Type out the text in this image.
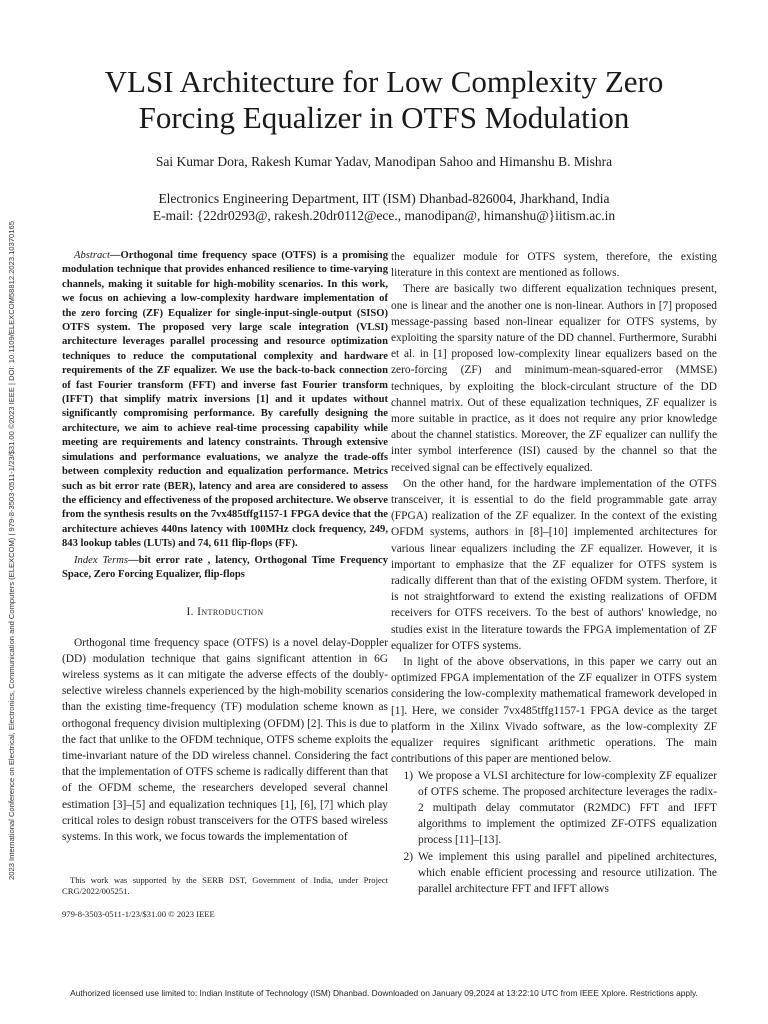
2023 International Conference on Electrical, Electronics, Communication and Computers (ELEXCOM) | 979-8-3503-0511-1/23/$31.00 ©2023 IEEE | DOI: 10.1109/ELEXCOM58812.2023.10370165
VLSI Architecture for Low Complexity Zero Forcing Equalizer in OTFS Modulation

Sai Kumar Dora, Rakesh Kumar Yadav, Manodipan Sahoo and Himanshu B. Mishra

Electronics Engineering Department, IIT (ISM) Dhanbad-826004, Jharkhand, India
E-mail: {22dr0293@, rakesh.20dr0112@ece., manodipan@, himanshu@}iitism.ac.in

Abstract—Orthogonal time frequency space (OTFS) is a promising modulation technique that provides enhanced resilience to time-varying channels, making it suitable for high-mobility scenarios. In this work, we focus on achieving a low-complexity hardware implementation of the zero forcing (ZF) Equalizer for single-input-single-output (SISO) OTFS system. The proposed very large scale integration (VLSI) architecture leverages parallel processing and resource optimization techniques to reduce the computational complexity and hardware requirements of the ZF equalizer. We use the back-to-back connection of fast Fourier transform (FFT) and inverse fast Fourier transform (IFFT) that simplify matrix inversions [1] and it updates without significantly compromising performance. By carefully designing the architecture, we aim to achieve real-time processing capability while meeting are requirements and latency constraints. Through extensive simulations and performance evaluations, we analyze the trade-offs between complexity reduction and equalization performance. Metrics such as bit error rate (BER), latency and area are considered to assess the efficiency and effectiveness of the proposed architecture. We observe from the synthesis results on the 7vx485tffg1157-1 FPGA device that the architecture achieves 440ns latency with 100MHz clock frequency, 249, 843 lookup tables (LUTs) and 74, 611 flip-flops (FF).

Index Terms—bit error rate , latency, Orthogonal Time Frequency Space, Zero Forcing Equalizer, flip-flops

I. Introduction

Orthogonal time frequency space (OTFS) is a novel delay-Doppler (DD) modulation technique that gains significant attention in 6G wireless systems as it can mitigate the adverse effects of the doubly-selective wireless channels experienced by the high-mobility scenarios than the existing time-frequency (TF) modulation scheme known as orthogonal frequency division multiplexing (OFDM) [2]. This is due to the fact that unlike to the OFDM technique, OTFS scheme exploits the time-invariant nature of the DD wireless channel. Considering the fact that the implementation of OTFS scheme is radically different than that of the OFDM scheme, the researchers developed several channel estimation [3]–[5] and equalization techniques [1], [6], [7] which play critical roles to design robust transceivers for the OTFS based wireless systems. In this work, we focus towards the implementation of

This work was supported by the SERB DST, Government of India, under Project CRG/2022/005251.

979-8-3503-0511-1/23/$31.00 © 2023 IEEE

the equalizer module for OTFS system, therefore, the existing literature in this context are mentioned as follows.

There are basically two different equalization techniques present, one is linear and the another one is non-linear. Authors in [7] proposed message-passing based non-linear equalizer for OTFS systems, by exploiting the sparsity nature of the DD channel. Furthermore, Surabhi et al. in [1] proposed low-complexity linear equalizers based on the zero-forcing (ZF) and minimum-mean-squared-error (MMSE) techniques, by exploiting the block-circulant structure of the DD channel matrix. Out of these equalization techniques, ZF equalizer is more suitable in practice, as it does not require any prior knowledge about the channel statistics. Moreover, the ZF equalizer can nullify the inter symbol interference (ISI) caused by the channel so that the received signal can be effectively equalized.

On the other hand, for the hardware implementation of the OTFS transceiver, it is essential to do the field programmable gate array (FPGA) realization of the ZF equalizer. In the context of the existing OFDM systems, authors in [8]–[10] implemented architectures for various linear equalizers including the ZF equalizer. However, it is important to emphasize that the ZF equalizer for OTFS system is radically different than that of the existing OFDM system. Therfore, it is not straightforward to extend the existing realizations of OFDM receivers for OTFS receivers. To the best of authors' knowledge, no studies exist in the literature towards the FPGA implementation of ZF equalizer for OTFS systems.

In light of the above observations, in this paper we carry out an optimized FPGA implementation of the ZF equalizer in OTFS system considering the low-complexity mathematical framework developed in [1]. Here, we consider 7vx485tffg1157-1 FPGA device as the target platform in the Xilinx Vivado software, as the low-complexity ZF equalizer requires significant arithmetic operations. The main contributions of this paper are mentioned below.

1) We propose a VLSI architecture for low-complexity ZF equalizer of OTFS scheme. The proposed architecture leverages the radix-2 multipath delay commutator (R2MDC) FFT and IFFT algorithms to implement the optimized ZF-OTFS equalization process [11]–[13].
2) We implement this using parallel and pipelined architectures, which enable efficient processing and resource utilization. The parallel architecture FFT and IFFT allows
Authorized licensed use limited to: Indian Institute of Technology (ISM) Dhanbad. Downloaded on January 09,2024 at 13:22:10 UTC from IEEE Xplore. Restrictions apply.
